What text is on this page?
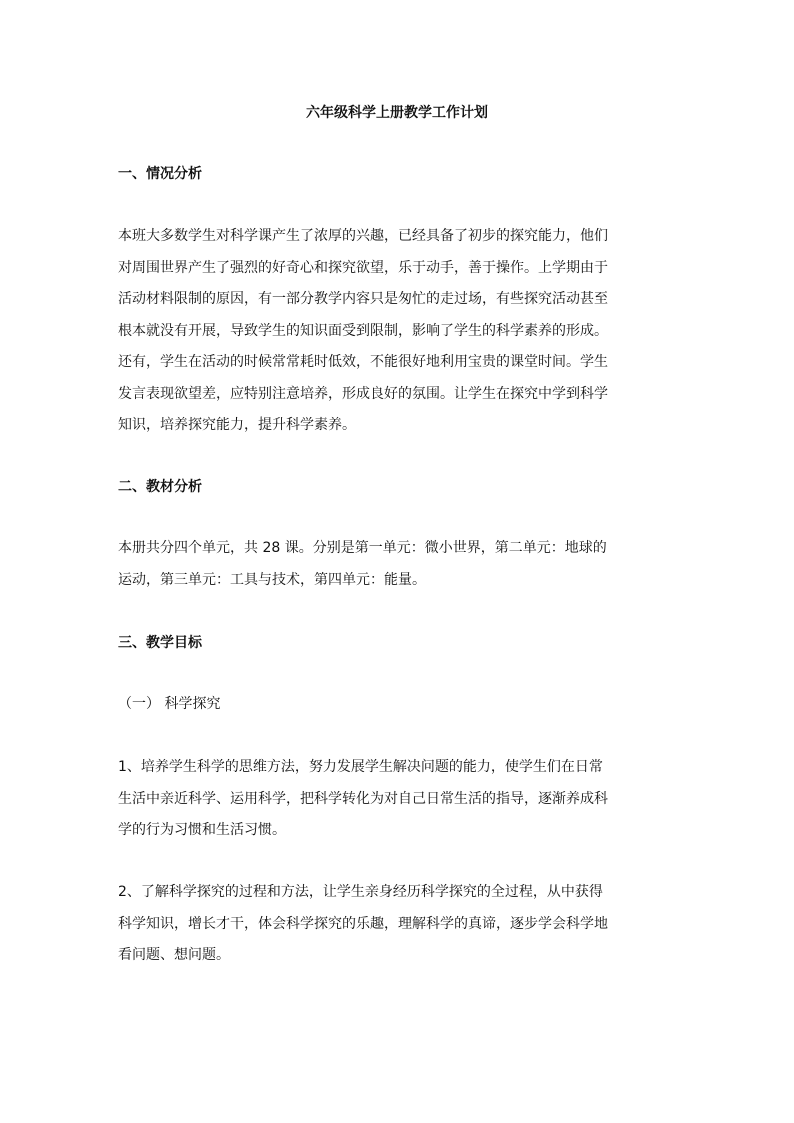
六年级科学上册教学工作计划
一、情况分析
本班大多数学生对科学课产生了浓厚的兴趣，已经具备了初步的探究能力，他们
对周围世界产生了强烈的好奇心和探究欲望，乐于动手，善于操作。上学期由于
活动材料限制的原因，有一部分教学内容只是匆忙的走过场，有些探究活动甚至
根本就没有开展，导致学生的知识面受到限制，影响了学生的科学素养的形成。
还有，学生在活动的时候常常耗时低效，不能很好地利用宝贵的课堂时间。学生
发言表现欲望差，应特别注意培养，形成良好的氛围。让学生在探究中学到科学
知识，培养探究能力，提升科学素养。
二、教材分析
本册共分四个单元，共 28 课。分别是第一单元：微小世界，第二单元：地球的
运动，第三单元：工具与技术，第四单元：能量。
三、教学目标
（一） 科学探究
1、培养学生科学的思维方法，努力发展学生解决问题的能力，使学生们在日常
生活中亲近科学、运用科学，把科学转化为对自己日常生活的指导，逐渐养成科
学的行为习惯和生活习惯。
2、了解科学探究的过程和方法，让学生亲身经历科学探究的全过程，从中获得
科学知识，增长才干，体会科学探究的乐趣，理解科学的真谛，逐步学会科学地
看问题、想问题。
